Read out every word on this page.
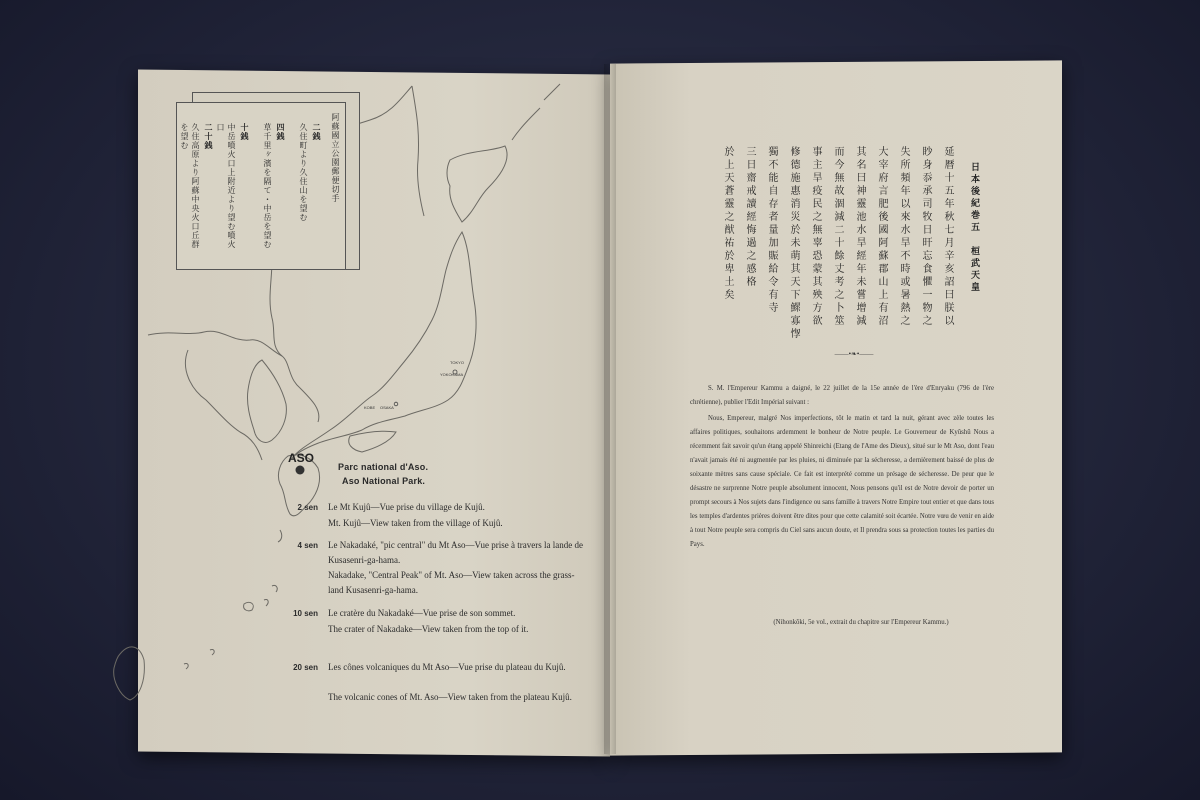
阿蘇國立公園郵便切手
二銭
久住町より久住山を望む
四銭
草千里ヶ濱を隔て・中岳を望む
十銭
中岳噴火口上附近より望む噴火口
二十銭
久住高原より阿蘇中央火口丘群を望む
TOKYO
YOKOHAMA
KOBE OSAKA
ASO
Parc national d'Aso.
Aso National Park.
2 sen Le Mt Kujû—Vue prise du village de Kujû.
Mt. Kujû—View taken from the village of Kujû.
4 sen Le Nakadaké, "pic central" du Mt Aso—Vue prise à travers la lande de Kusasenri-ga-hama.
Nakadake, "Central Peak" of Mt. Aso—View taken across the grass-land Kusasenri-ga-hama.
10 sen Le cratère du Nakadaké—Vue prise de son sommet.
The crater of Nakadake—View taken from the top of it.
20 sen Les cônes volcaniques du Mt Aso—Vue prise du plateau du Kujû.
The volcanic cones of Mt. Aso—View taken from the plateau Kujû.
日本後紀巻五　桓武天皇
延暦十五年秋七月辛亥詔曰朕以
眇身忝承司牧日旰忘食懼一物之
失所頻年以來水旱不時或暑熱之
大宰府言肥後國阿蘇郡山上有沼
其名曰神靈池水旱經年未嘗增減
而今無故涸減二十餘丈考之卜筮
事主旱疫民之無辜恐蒙其殃方欲
修德施惠消災於未萌其天下鰥寡惸
獨不能自存者量加賑給令有寺
三日齋戒讀經悔過之感格
於上天蒼靈之猷祐於卑土矣
——•❧•——
S. M. l'Empereur Kammu a daigné, le 22 juillet de la 15e année de l'ère d'Enryaku (796 de l'ère chrétienne), publier l'Edit Impérial suivant :
Nous, Empereur, malgré Nos imperfections, tôt le matin et tard la nuit, gérant avec zèle toutes les affaires politiques, souhaitons ardemment le bonheur de Notre peuple. Le Gouverneur de Kyûshû Nous a récemment fait savoir qu'un étang appelé Shinreichi (Etang de l'Ame des Dieux), situé sur le Mt Aso, dont l'eau n'avait jamais été ni augmentée par les pluies, ni diminuée par la sécheresse, a dernièrement baissé de plus de soixante mètres sans cause spéciale. Ce fait est interprété comme un présage de sécheresse. De peur que le désastre ne surprenne Notre peuple absolument innocent, Nous pensons qu'il est de Notre devoir de porter un prompt secours à Nos sujets dans l'indigence ou sans famille à travers Notre Empire tout entier et que dans tous les temples d'ardentes prières doivent être dites pour que cette calamité soit écartée. Notre vœu de venir en aide à tout Notre peuple sera compris du Ciel sans aucun doute, et Il prendra sous sa protection toutes les parties du Pays.
(Nihonkôki, 5e vol., extrait du chapitre sur l'Empereur Kammu.)
